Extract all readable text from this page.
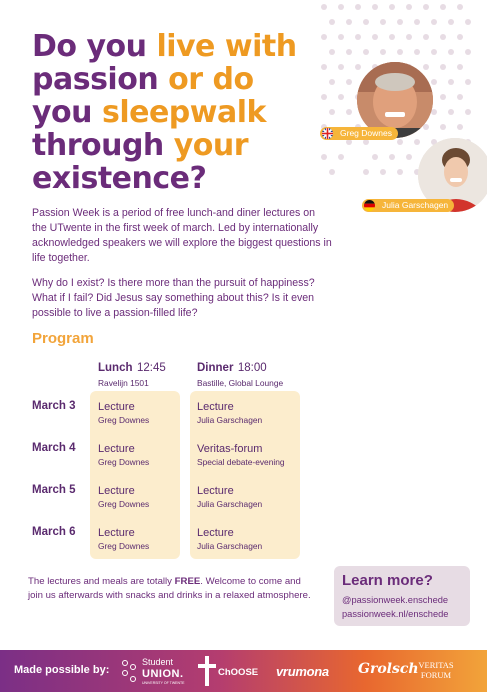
Do you live with
passion or do
you sleepwalk
through your
existence?
Greg Downes
Julia Garschagen

Passion Week is a period of free lunch-and diner lectures on the UTwente in the first week of march. Led by internationally acknowledged speakers we will explore the biggest questions in life together.

Why do I exist? Is there more than the pursuit of happiness? What if I fail? Did Jesus say something about this? Is it even possible to live a passion-filled life?

Program
Lunch 12:45
Ravelijn 1501
Dinner 18:00
Bastille, Global Lounge
March 3 Lecture
Greg Downes
Lecture
Julia Garschagen
March 4 Lecture
Greg Downes
Veritas-forum
Special debate-evening
March 5 Lecture
Greg Downes
Lecture
Julia Garschagen
March 6 Lecture
Greg Downes
Lecture
Julia Garschagen

The lectures and meals are totally FREE. Welcome to come and join us afterwards with snacks and drinks in a relaxed atmosphere.

Learn more?
@passionweek.enschede
passionweek.nl/enschede
Made possible by:
Student
UNION.
UNIVERSITY OF TWENTE
ChOOSE vrumona Grolsch VERITAS
FORUM
